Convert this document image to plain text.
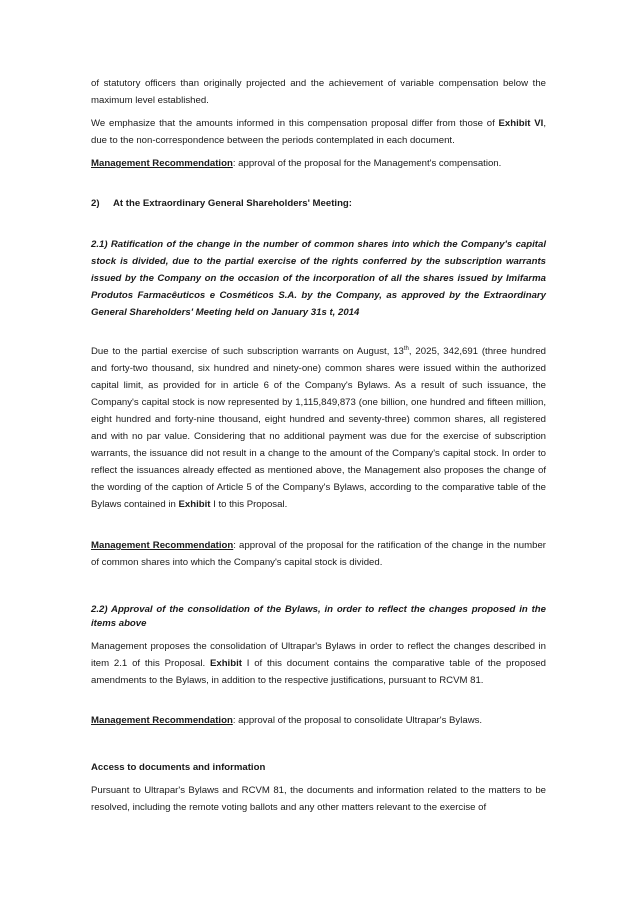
of statutory officers than originally projected and the achievement of variable compensation below the maximum level established.
We emphasize that the amounts informed in this compensation proposal differ from those of Exhibit VI, due to the non-correspondence between the periods contemplated in each document.
Management Recommendation: approval of the proposal for the Management's compensation.
2) At the Extraordinary General Shareholders' Meeting:
2.1) Ratification of the change in the number of common shares into which the Company's capital stock is divided, due to the partial exercise of the rights conferred by the subscription warrants issued by the Company on the occasion of the incorporation of all the shares issued by Imifarma Produtos Farmacêuticos e Cosméticos S.A. by the Company, as approved by the Extraordinary General Shareholders' Meeting held on January 31s t, 2014
Due to the partial exercise of such subscription warrants on August, 13th, 2025, 342,691 (three hundred and forty-two thousand, six hundred and ninety-one) common shares were issued within the authorized capital limit, as provided for in article 6 of the Company's Bylaws. As a result of such issuance, the Company's capital stock is now represented by 1,115,849,873 (one billion, one hundred and fifteen million, eight hundred and forty-nine thousand, eight hundred and seventy-three) common shares, all registered and with no par value. Considering that no additional payment was due for the exercise of subscription warrants, the issuance did not result in a change to the amount of the Company's capital stock. In order to reflect the issuances already effected as mentioned above, the Management also proposes the change of the wording of the caption of Article 5 of the Company's Bylaws, according to the comparative table of the Bylaws contained in Exhibit I to this Proposal.
Management Recommendation: approval of the proposal for the ratification of the change in the number of common shares into which the Company's capital stock is divided.
2.2) Approval of the consolidation of the Bylaws, in order to reflect the changes proposed in the items above
Management proposes the consolidation of Ultrapar's Bylaws in order to reflect the changes described in item 2.1 of this Proposal. Exhibit I of this document contains the comparative table of the proposed amendments to the Bylaws, in addition to the respective justifications, pursuant to RCVM 81.
Management Recommendation: approval of the proposal to consolidate Ultrapar's Bylaws.
Access to documents and information
Pursuant to Ultrapar's Bylaws and RCVM 81, the documents and information related to the matters to be resolved, including the remote voting ballots and any other matters relevant to the exercise of
